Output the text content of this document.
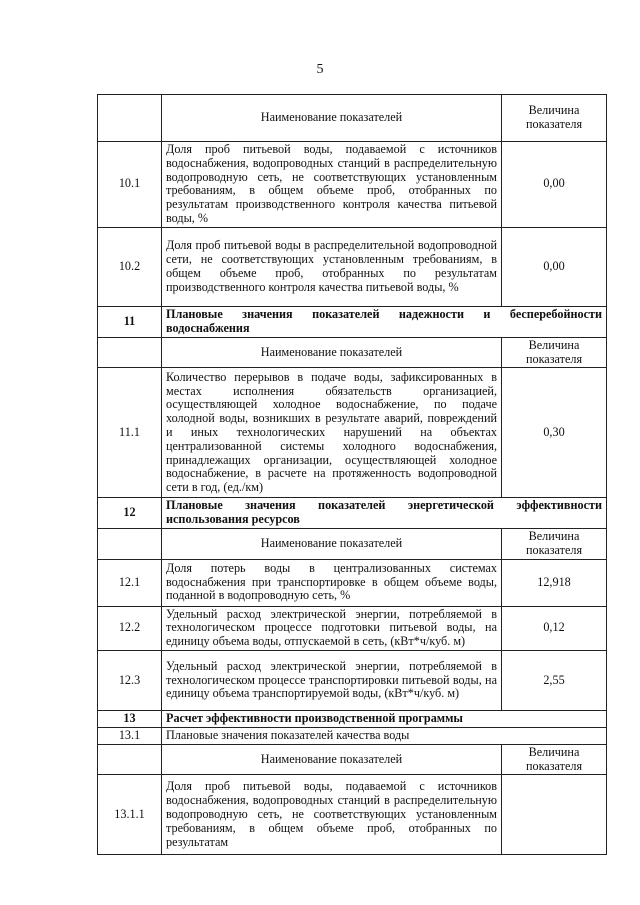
5
	Наименование показателей	Величина показателя
10.1	Доля проб питьевой воды, подаваемой с источников водоснабжения, водопроводных станций в распределительную водопроводную сеть, не соответствующих установленным требованиям, в общем объеме проб, отобранных по результатам производственного контроля качества питьевой воды, %	0,00
10.2	Доля проб питьевой воды в распределительной водопроводной сети, не соответствующих установленным требованиям, в общем объеме проб, отобранных по результатам производственного контроля качества питьевой воды, %	0,00
11	Плановые значения показателей надежности и бесперебойности водоснабжения	
	Наименование показателей	Величина показателя
11.1	Количество перерывов в подаче воды, зафиксированных в местах исполнения обязательств организацией, осуществляющей холодное водоснабжение, по подаче холодной воды, возникших в результате аварий, повреждений и иных технологических нарушений на объектах централизованной системы холодного водоснабжения, принадлежащих организации, осуществляющей холодное водоснабжение, в расчете на протяженность водопроводной сети в год, (ед./км)	0,30
12	Плановые значения показателей энергетической эффективности использования ресурсов	
	Наименование показателей	Величина показателя
12.1	Доля потерь воды в централизованных системах водоснабжения при транспортировке в общем объеме воды, поданной в водопроводную сеть, %	12,918
12.2	Удельный расход электрической энергии, потребляемой в технологическом процессе подготовки питьевой воды, на единицу объема воды, отпускаемой в сеть, (кВт*ч/куб. м)	0,12
12.3	Удельный расход электрической энергии, потребляемой в технологическом процессе транспортировки питьевой воды, на единицу объема транспортируемой воды, (кВт*ч/куб. м)	2,55
13	Расчет эффективности производственной программы	
13.1	Плановые значения показателей качества воды	
	Наименование показателей	Величина показателя
13.1.1	Доля проб питьевой воды, подаваемой с источников водоснабжения, водопроводных станций в распределительную водопроводную сеть, не соответствующих установленным требованиям, в общем объеме проб, отобранных по результатам	
